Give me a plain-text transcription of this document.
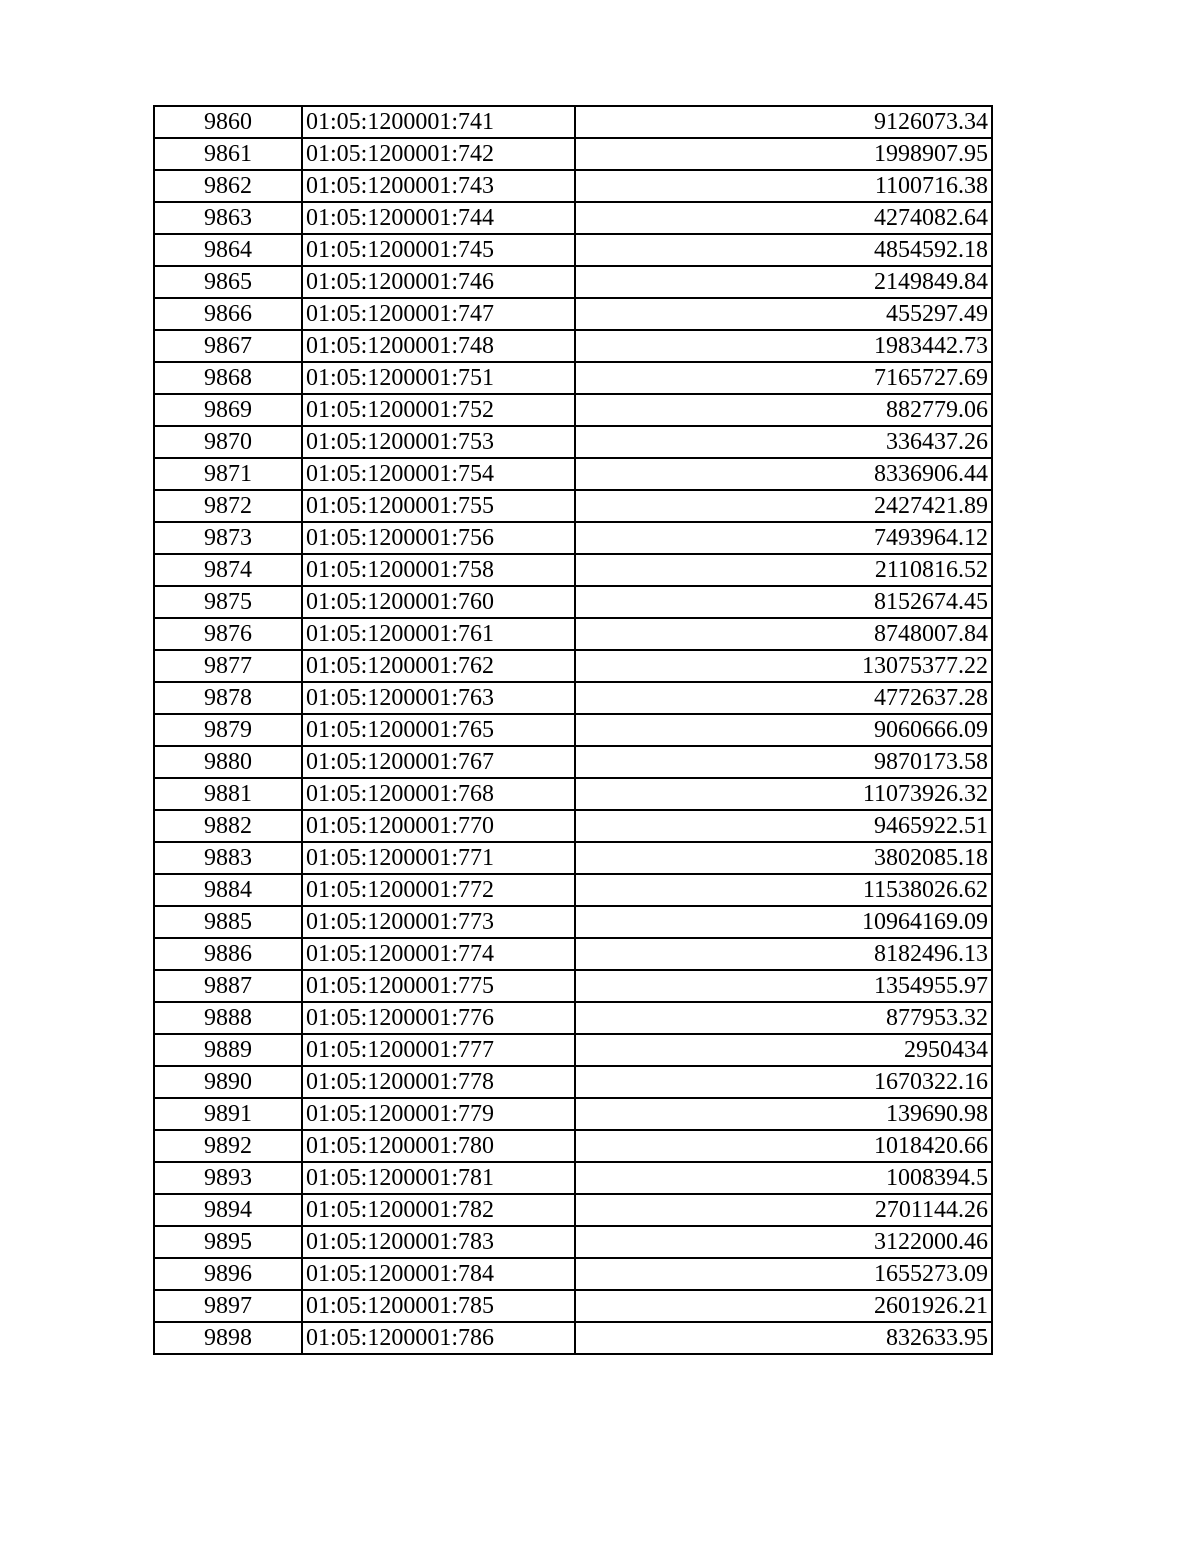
9860	01:05:1200001:741	9126073.34
9861	01:05:1200001:742	1998907.95
9862	01:05:1200001:743	1100716.38
9863	01:05:1200001:744	4274082.64
9864	01:05:1200001:745	4854592.18
9865	01:05:1200001:746	2149849.84
9866	01:05:1200001:747	455297.49
9867	01:05:1200001:748	1983442.73
9868	01:05:1200001:751	7165727.69
9869	01:05:1200001:752	882779.06
9870	01:05:1200001:753	336437.26
9871	01:05:1200001:754	8336906.44
9872	01:05:1200001:755	2427421.89
9873	01:05:1200001:756	7493964.12
9874	01:05:1200001:758	2110816.52
9875	01:05:1200001:760	8152674.45
9876	01:05:1200001:761	8748007.84
9877	01:05:1200001:762	13075377.22
9878	01:05:1200001:763	4772637.28
9879	01:05:1200001:765	9060666.09
9880	01:05:1200001:767	9870173.58
9881	01:05:1200001:768	11073926.32
9882	01:05:1200001:770	9465922.51
9883	01:05:1200001:771	3802085.18
9884	01:05:1200001:772	11538026.62
9885	01:05:1200001:773	10964169.09
9886	01:05:1200001:774	8182496.13
9887	01:05:1200001:775	1354955.97
9888	01:05:1200001:776	877953.32
9889	01:05:1200001:777	2950434
9890	01:05:1200001:778	1670322.16
9891	01:05:1200001:779	139690.98
9892	01:05:1200001:780	1018420.66
9893	01:05:1200001:781	1008394.5
9894	01:05:1200001:782	2701144.26
9895	01:05:1200001:783	3122000.46
9896	01:05:1200001:784	1655273.09
9897	01:05:1200001:785	2601926.21
9898	01:05:1200001:786	832633.95
